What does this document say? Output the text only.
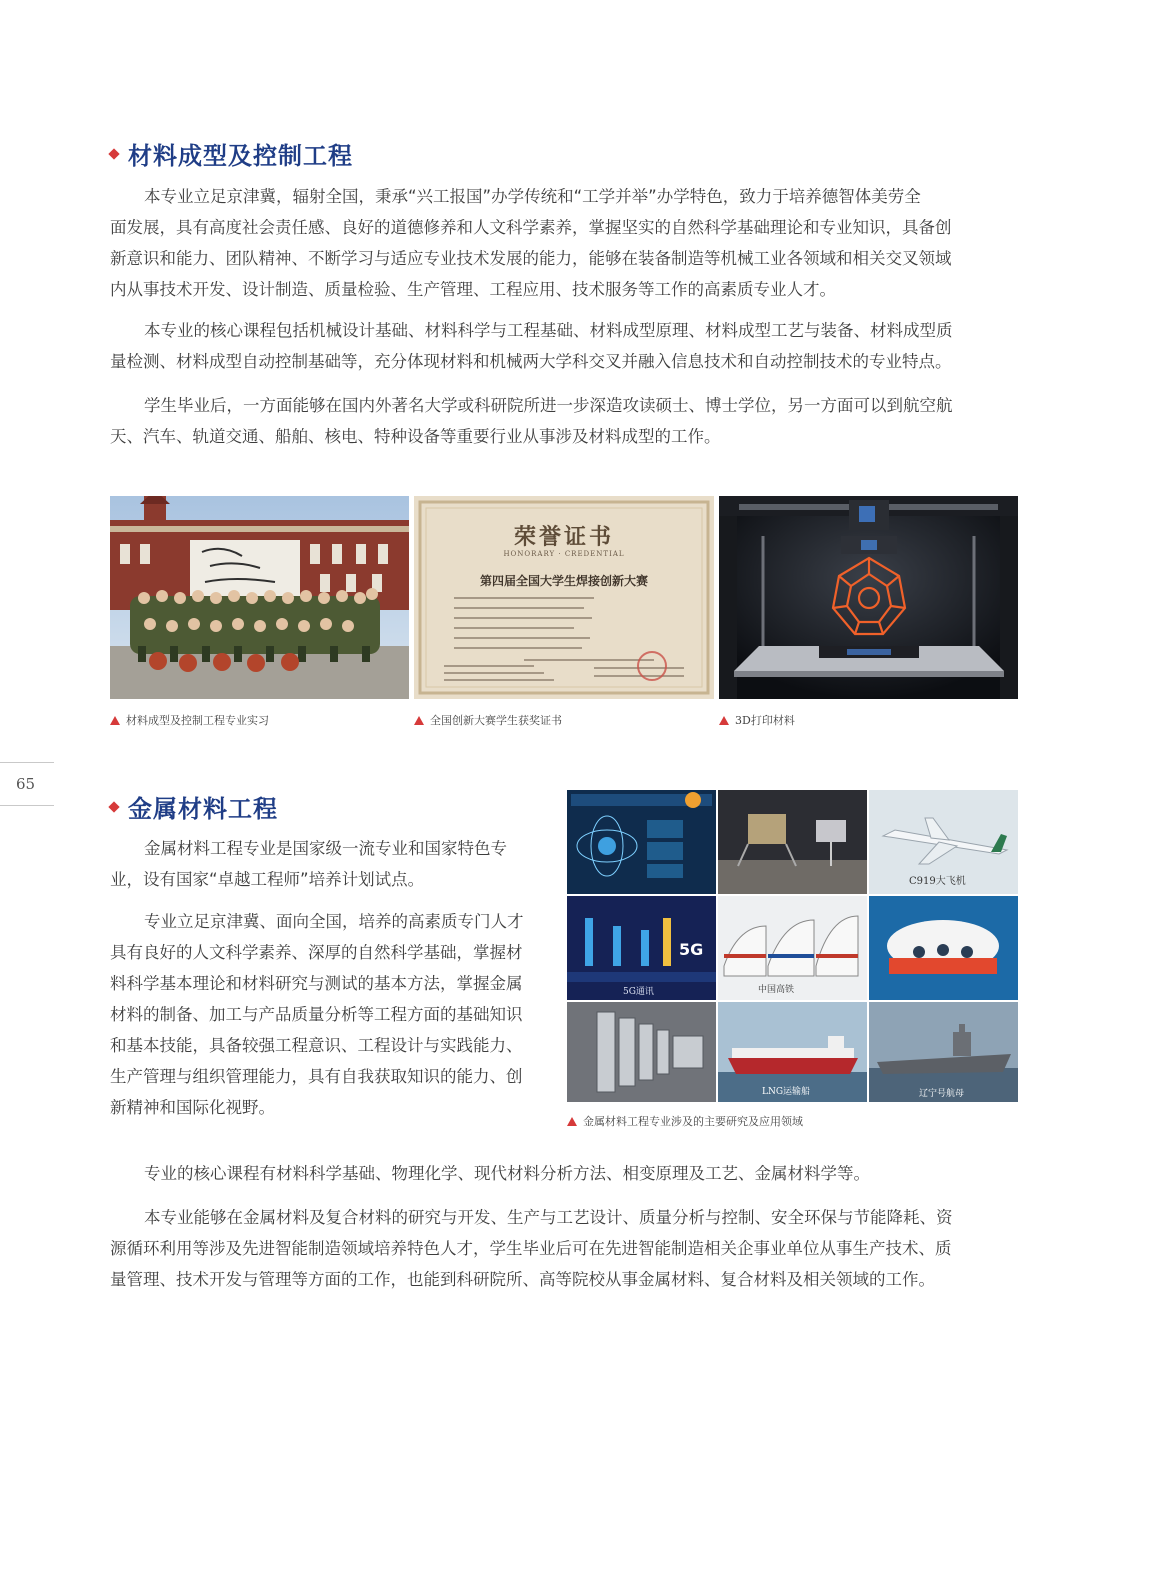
65
材料成型及控制工程

本专业立足京津冀，辐射全国，秉承“兴工报国”办学传统和“工学并举”办学特色，致力于培养德智体美劳全
面发展，具有高度社会责任感、良好的道德修养和人文科学素养，掌握坚实的自然科学基础理论和专业知识，具备创
新意识和能力、团队精神、不断学习与适应专业技术发展的能力，能够在装备制造等机械工业各领域和相关交叉领域
内从事技术开发、设计制造、质量检验、生产管理、工程应用、技术服务等工作的高素质专业人才。

本专业的核心课程包括机械设计基础、材料科学与工程基础、材料成型原理、材料成型工艺与装备、材料成型质
量检测、材料成型自动控制基础等，充分体现材料和机械两大学科交叉并融入信息技术和自动控制技术的专业特点。

学生毕业后，一方面能够在国内外著名大学或科研院所进一步深造攻读硕士、博士学位，另一方面可以到航空航
天、汽车、轨道交通、船舶、核电、特种设备等重要行业从事涉及材料成型的工作。

荣誉证书
HONORARY · CREDENTIAL
第四届全国大学生焊接创新大赛
材料成型及控制工程专业实习	全国创新大赛学生获奖证书	3D打印材料
金属材料工程

金属材料工程专业是国家级一流专业和国家特色专
业，设有国家“卓越工程师”培养计划试点。

专业立足京津冀、面向全国，培养的高素质专门人才
具有良好的人文科学素养、深厚的自然科学基础，掌握材
料科学基本理论和材料研究与测试的基本方法，掌握金属
材料的制备、加工与产品质量分析等工程方面的基础知识
和基本技能，具备较强工程意识、工程设计与实践能力、
生产管理与组织管理能力，具有自我获取知识的能力、创
新精神和国际化视野。

C919大飞机
5G
5G通讯	中国高铁
LNG运输船	辽宁号航母
金属材料工程专业涉及的主要研究及应用领域

专业的核心课程有材料科学基础、物理化学、现代材料分析方法、相变原理及工艺、金属材料学等。

本专业能够在金属材料及复合材料的研究与开发、生产与工艺设计、质量分析与控制、安全环保与节能降耗、资
源循环利用等涉及先进智能制造领域培养特色人才，学生毕业后可在先进智能制造相关企事业单位从事生产技术、质
量管理、技术开发与管理等方面的工作，也能到科研院所、高等院校从事金属材料、复合材料及相关领域的工作。
